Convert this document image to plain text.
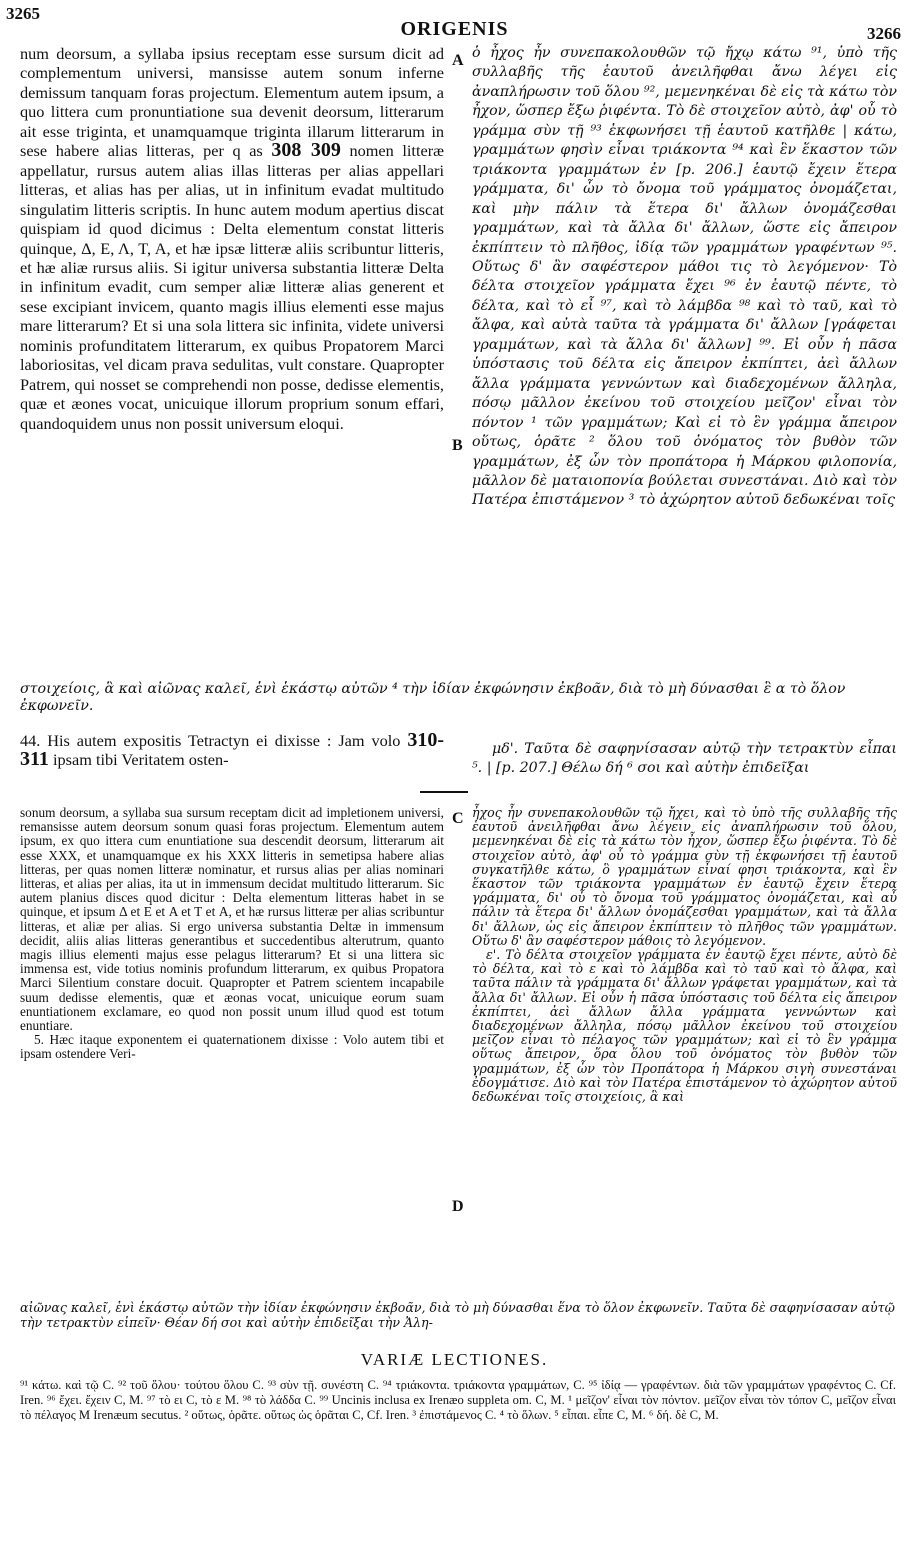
3265
ORIGENIS	3266

num deorsum, a syllaba ipsius receptam esse sursum dicit ad complementum universi, mansisse autem sonum inferne demissum tanquam foras projectum. Elementum autem ipsum, a quo littera cum pronuntiatione sua devenit deorsum, litterarum ait esse triginta, et unamquamque triginta illarum litterarum in sese habere alias litteras, per q as 308 309 nomen litteræ appellatur, rursus autem alias illas litteras per alias appellari litteras, et alias has per alias, ut in infinitum evadat multitudo singulatim litteris scriptis. In hunc autem modum apertius discat quispiam id quod dicimus : Delta elementum constat litteris quinque, Δ, Ε, Λ, Τ, Α, et hæ ipsæ litteræ aliis scribuntur litteris, et hæ aliæ rursus aliis. Si igitur universa substantia litteræ Delta in infinitum evadit, cum semper aliæ litteræ alias generent et sese excipiant invicem, quanto magis illius elementi esse majus mare litterarum? Et si una sola littera sic infinita, videte universi nominis profunditatem litterarum, ex quibus Propatorem Marci laboriositas, vel dicam prava sedulitas, vult constare. Quapropter Patrem, qui nosset se comprehendi non posse, dedisse elementis, quæ et æones vocat, unicuique illorum proprium sonum effari, quandoquidem unus non possit universum eloqui.

A
B

ὁ ἦχος ἦν συνεπακολουθῶν τῷ ἤχῳ κάτω ⁹¹, ὑπὸ τῆς συλλαβῆς τῆς ἑαυτοῦ ἀνειλῆφθαι ἄνω λέγει εἰς ἀναπλήρωσιν τοῦ ὅλου ⁹², μεμενηκέναι δὲ εἰς τὰ κάτω τὸν ἦχον, ὥσπερ ἔξω ῥιφέντα. Τὸ δὲ στοιχεῖον αὐτὸ, ἀφ' οὗ τὸ γράμμα σὺν τῇ ⁹³ ἐκφωνήσει τῇ ἑαυτοῦ κατῆλθε | κάτω, γραμμάτων φησὶν εἶναι τριάκοντα ⁹⁴ καὶ ἓν ἕκαστον τῶν τριάκοντα γραμμάτων ἐν [p. 206.] ἑαυτῷ ἔχειν ἕτερα γράμματα, δι' ὧν τὸ ὄνομα τοῦ γράμματος ὀνομάζεται, καὶ μὴν πάλιν τὰ ἕτερα δι' ἄλλων ὀνομάζεσθαι γραμμάτων, καὶ τὰ ἄλλα δι' ἄλλων, ὥστε εἰς ἄπειρον ἐκπίπτειν τὸ πλῆθος, ἰδίᾳ τῶν γραμμάτων γραφέντων ⁹⁵. Οὕτως δ' ἂν σαφέστερον μάθοι τις τὸ λεγόμενον· Τὸ δέλτα στοιχεῖον γράμματα ἔχει ⁹⁶ ἐν ἑαυτῷ πέντε, τὸ δέλτα, καὶ τὸ εἶ ⁹⁷, καὶ τὸ λάμβδα ⁹⁸ καὶ τὸ ταῦ, καὶ τὸ ἄλφα, καὶ αὐτὰ ταῦτα τὰ γράμματα δι' ἄλλων [γράφεται γραμμάτων, καὶ τὰ ἄλλα δι' ἄλλων] ⁹⁹. Εἰ οὖν ἡ πᾶσα ὑπόστασις τοῦ δέλτα εἰς ἄπειρον ἐκπίπτει, ἀεὶ ἄλλων ἄλλα γράμματα γεννώντων καὶ διαδεχομένων ἄλληλα, πόσῳ μᾶλλον ἐκείνου τοῦ στοιχείου μεῖζον' εἶναι τὸν πόντον ¹ τῶν γραμμάτων; Καὶ εἰ τὸ ἓν γράμμα ἄπειρον οὕτως, ὁρᾶτε ² ὅλου τοῦ ὀνόματος τὸν βυθὸν τῶν γραμμάτων, ἐξ ὧν τὸν προπάτορα ἡ Μάρκου φιλοπονία, μᾶλλον δὲ ματαιοπονία βούλεται συνεστάναι. Διὸ καὶ τὸν Πατέρα ἐπιστάμενον ³ τὸ ἀχώρητον αὐτοῦ δεδωκέναι τοῖς

στοιχείοις, ἃ καὶ αἰῶνας καλεῖ, ἑνὶ ἑκάστῳ αὐτῶν ⁴ τὴν ἰδίαν ἐκφώνησιν ἐκβοᾶν, διὰ τὸ μὴ δύνασθαι ἓ α τὸ ὅλον ἐκφωνεῖν.

44. His autem expositis Tetractyn ei dixisse : Jam volo 310-311 ipsam tibi Veritatem osten-

μδ'. Ταῦτα δὲ σαφηνίσασαν αὐτῷ τὴν τετρακτὺν εἶπαι ⁵. | [p. 207.] Θέλω δή ⁶ σοι καὶ αὐτὴν ἐπιδεῖξαι

C
D

sonum deorsum, a syllaba sua sursum receptam dicit ad impletionem universi, remansisse autem deorsum sonum quasi foras projectum. Elementum autem ipsum, ex quo ittera cum enuntiatione sua descendit deorsum, litterarum ait esse XXX, et unamquamque ex his XXX litteris in semetipsa habere alias litteras, per quas nomen litteræ nominatur, et rursus alias per alias nominari litteras, et alias per alias, ita ut in immensum decidat multitudo litterarum. Sic autem planius disces quod dicitur : Delta elementum litteras habet in se quinque, et ipsum Δ et E et Α et T et Α, et hæ rursus litteræ per alias scribuntur litteras, et aliæ per alias. Si ergo universa substantia Deltæ in immensum decidit, aliis alias litteras generantibus et succedentibus alterutrum, quanto magis illius elementi majus esse pelagus litterarum? Et si una littera sic immensa est, vide totius nominis profundum litterarum, ex quibus Propatora Marci Silentium constare docuit. Quapropter et Patrem scientem incapabile suum dedisse elementis, quæ et æonas vocat, unicuique eorum suam enuntiationem exclamare, eo quod non possit unum illud quod est totum enuntiare.

5. Hæc itaque exponentem ei quaternationem dixisse : Volo autem tibi et ipsam ostendere Veri-

ἦχος ἦν συνεπακολουθῶν τῷ ἤχει, καὶ τὸ ὑπὸ τῆς συλλαβῆς τῆς ἑαυτοῦ ἀνειλῆφθαι ἄνω λέγειν εἰς ἀναπλήρωσιν τοῦ ὅλου, μεμενηκέναι δὲ εἰς τὰ κάτω τὸν ἦχον, ὥσπερ ἔξω ῥιφέντα. Τὸ δὲ στοιχεῖον αὐτὸ, ἀφ' οὗ τὸ γράμμα σὺν τῇ ἐκφωνήσει τῇ ἑαυτοῦ συγκατῆλθε κάτω, ὃ γραμμάτων εἶναί φησι τριάκοντα, καὶ ἓν ἕκαστον τῶν τριάκοντα γραμμάτων ἐν ἑαυτῷ ἔχειν ἕτερα γράμματα, δι' οὗ τὸ ὄνομα τοῦ γράμματος ὀνομάζεται, καὶ αὖ πάλιν τὰ ἕτερα δι' ἄλλων ὀνομάζεσθαι γραμμάτων, καὶ τὰ ἄλλα δι' ἄλλων, ὡς εἰς ἄπειρον ἐκπίπτειν τὸ πλῆθος τῶν γραμμάτων. Οὕτω δ' ἂν σαφέστερον μάθοις τὸ λεγόμενον.

ε'. Τὸ δέλτα στοιχεῖον γράμματα ἐν ἑαυτῷ ἔχει πέντε, αὐτὸ δὲ τὸ δέλτα, καὶ τὸ ε καὶ τὸ λάμβδα καὶ τὸ ταῦ καὶ τὸ ἄλφα, καὶ ταῦτα πάλιν τὰ γράμματα δι' ἄλλων γράφεται γραμμάτων, καὶ τὰ ἄλλα δι' ἄλλων. Εἰ οὖν ἡ πᾶσα ὑπόστασις τοῦ δέλτα εἰς ἄπειρον ἐκπίπτει, ἀεὶ ἄλλων ἄλλα γράμματα γεννώντων καὶ διαδεχομένων ἄλληλα, πόσῳ μᾶλλον ἐκείνου τοῦ στοιχείου μεῖζον εἶναι τὸ πέλαγος τῶν γραμμάτων; καὶ εἰ τὸ ἓν γράμμα οὕτως ἄπειρον, ὅρα ὅλου τοῦ ὀνόματος τὸν βυθὸν τῶν γραμμάτων, ἐξ ὧν τὸν Προπάτορα ἡ Μάρκου σιγὴ συνεστάναι ἐδογμάτισε. Διὸ καὶ τὸν Πατέρα ἐπιστάμενον τὸ ἀχώρητον αὐτοῦ δεδωκέναι τοῖς στοιχείοις, ἃ καὶ

αἰῶνας καλεῖ, ἑνὶ ἑκάστῳ αὐτῶν τὴν ἰδίαν ἐκφώνησιν ἐκβοᾶν, διὰ τὸ μὴ δύνασθαι ἕνα τὸ ὅλον ἐκφωνεῖν. Ταῦτα δὲ σαφηνίσασαν αὐτῷ τὴν τετρακτὺν εἰπεῖν· Θέαν δή σοι καὶ αὐτὴν ἐπιδεῖξαι τὴν Ἀλη-

VARIÆ LECTIONES.
⁹¹ κάτω. καὶ τῷ C. ⁹² τοῦ ὅλου· τούτου ὅλου C. ⁹³ σὺν τῇ. συνέστη C. ⁹⁴ τριάκοντα. τριάκοντα γραμμάτων, C. ⁹⁵ ἰδίᾳ — γραφέντων. διὰ τῶν γραμμάτων γραφέντος C. Cf. Iren. ⁹⁶ ἔχει. ἔχειν C, M. ⁹⁷ τὸ ει C, τὸ ε M. ⁹⁸ τὸ λάδδα C. ⁹⁹ Uncinis inclusa ex Irenæo suppleta om. C, M. ¹ μεῖζον' εἶναι τὸν πόντον. μεῖζον εἶναι τὸν τόπον C, μεῖζον εἶναι τὸ πέλαγος M Irenæum secutus. ² οὕτως, ὁρᾶτε. οὕτως ὡς ὁρᾶται C, Cf. Iren. ³ ἐπιστάμενος C. ⁴ τὸ ὅλων. ⁵ εἶπαι. εἶπε C, M. ⁶ δή. δὲ C, M.
